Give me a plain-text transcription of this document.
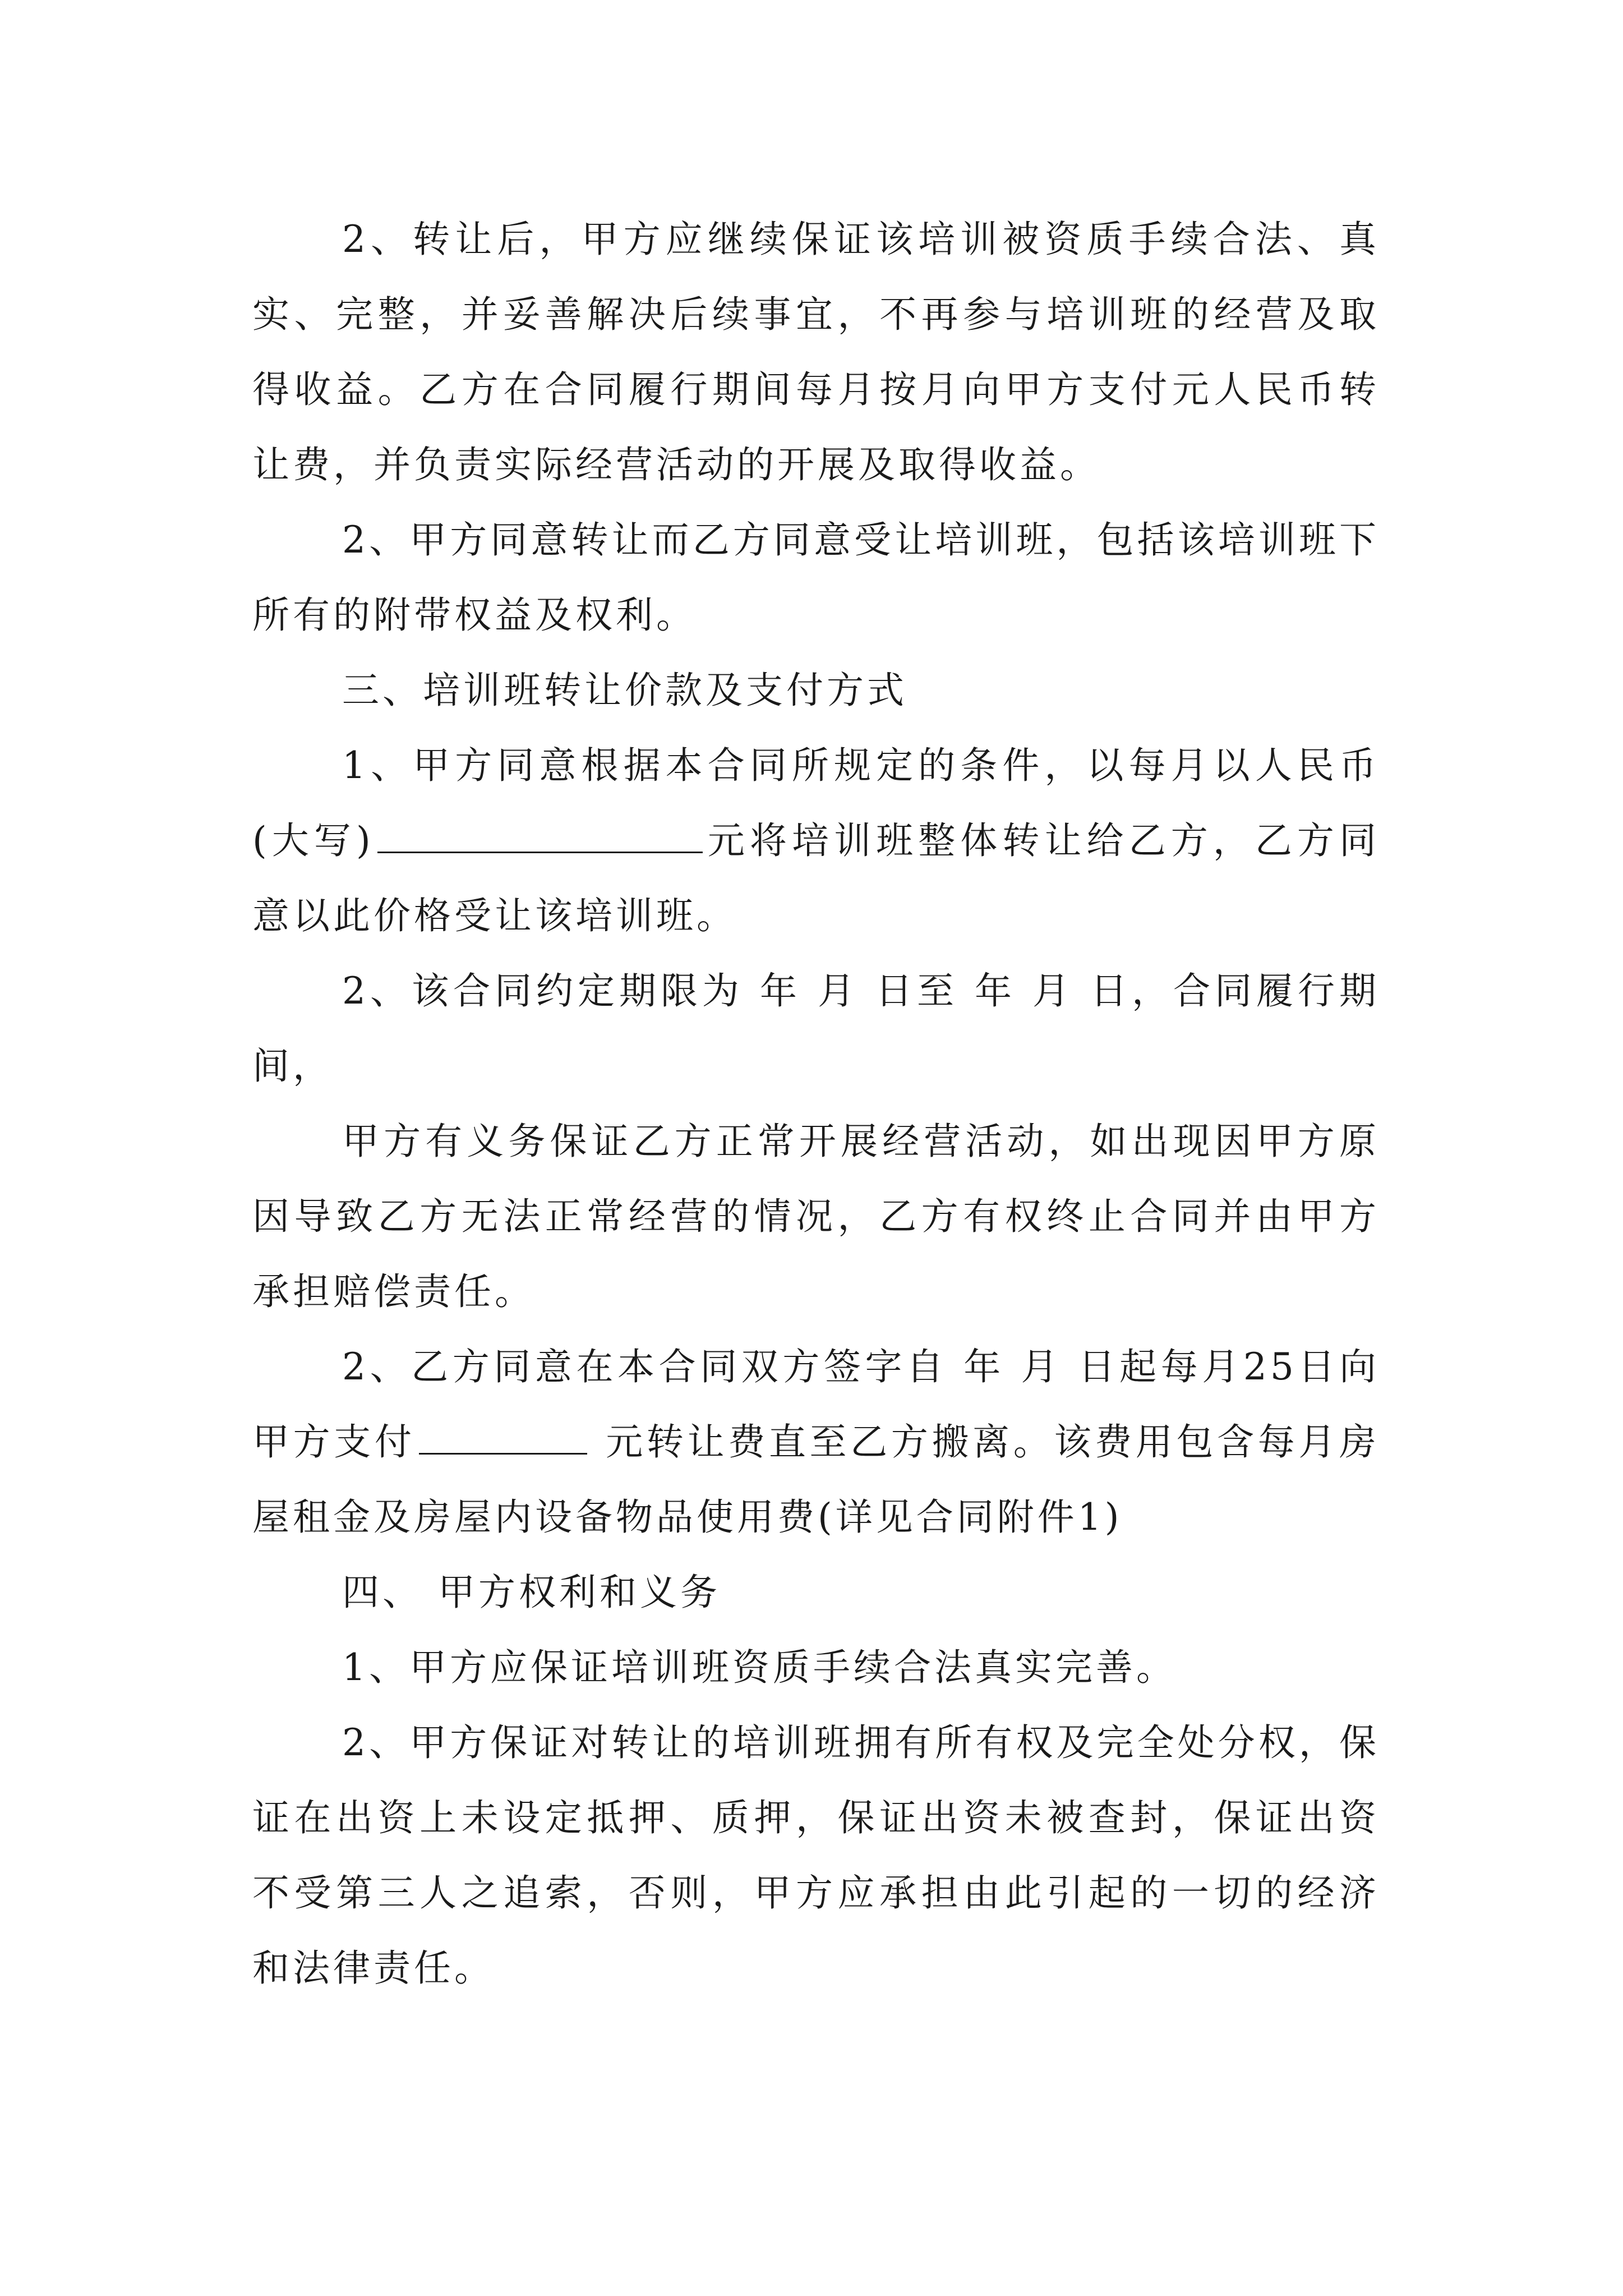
2、转让后，甲方应继续保证该培训被资质手续合法、真实、完整，并妥善解决后续事宜，不再参与培训班的经营及取得收益。乙方在合同履行期间每月按月向甲方支付元人民币转让费，并负责实际经营活动的开展及取得收益。

2、甲方同意转让而乙方同意受让培训班，包括该培训班下所有的附带权益及权利。

三、培训班转让价款及支付方式

1、甲方同意根据本合同所规定的条件，以每月以人民币(大写)	元将培训班整体转让给乙方，乙方同意以此价格受让该培训班。

2、该合同约定期限为 年 月 日至 年 月 日，合同履行期间，

甲方有义务保证乙方正常开展经营活动，如出现因甲方原因导致乙方无法正常经营的情况，乙方有权终止合同并由甲方承担赔偿责任。

2、乙方同意在本合同双方签字自 年 月 日起每月25日向甲方支付	元转让费直至乙方搬离。该费用包含每月房屋租金及房屋内设备物品使用费(详见合同附件1)

四、 甲方权利和义务

1、甲方应保证培训班资质手续合法真实完善。

2、甲方保证对转让的培训班拥有所有权及完全处分权，保证在出资上未设定抵押、质押，保证出资未被查封，保证出资不受第三人之追索，否则，甲方应承担由此引起的一切的经济和法律责任。
